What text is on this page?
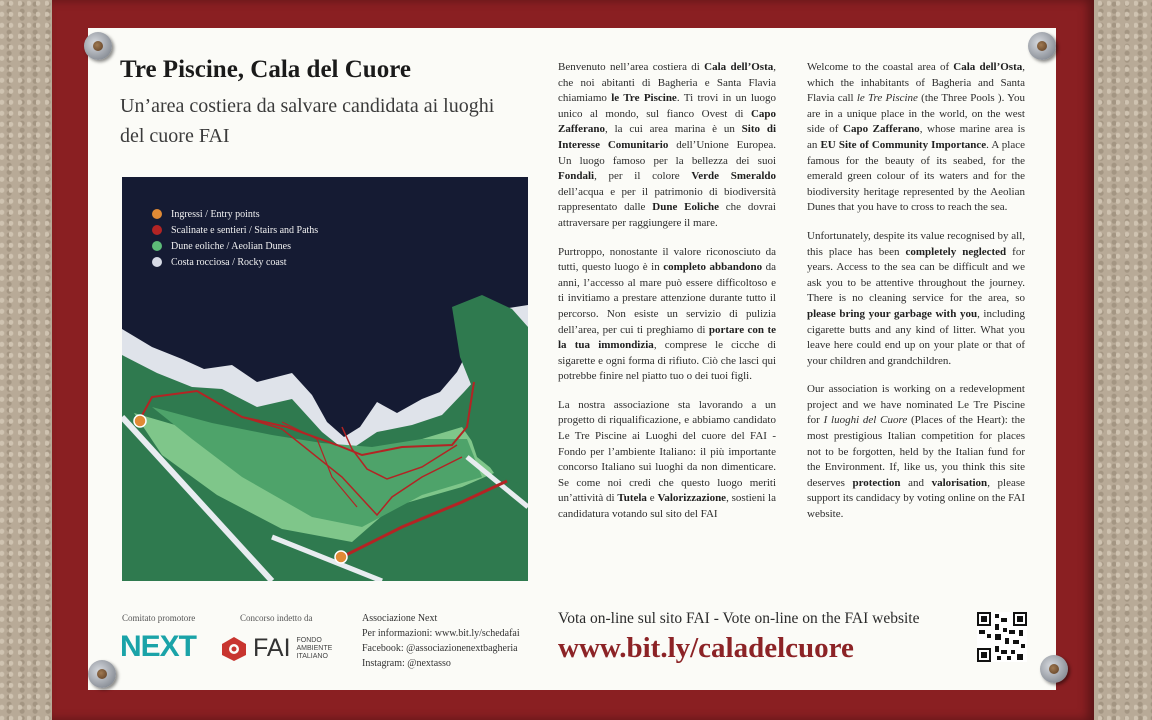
Tre Piscine, Cala del Cuore
Un’area costiera da salvare candidata ai luoghi del cuore FAI
Ingressi / Entry points
Scalinate e sentieri / Stairs and Paths
Dune eoliche / Aeolian Dunes
Costa rocciosa / Rocky coast

Benvenuto nell’area costiera di Cala dell’Osta, che noi abitanti di Bagheria e Santa Flavia chiamiamo le Tre Piscine. Ti trovi in un luogo unico al mondo, sul fianco Ovest di Capo Zafferano, la cui area marina è un Sito di Interesse Comunitario dell’Unione Europea. Un luogo famoso per la bellezza dei suoi Fondali, per il colore Verde Smeraldo dell’acqua e per il patrimonio di biodiversità rappresentato dalle Dune Eoliche che dovrai attraversare per raggiungere il mare.

Purtroppo, nonostante il valore riconosciuto da tutti, questo luogo è in completo abbandono da anni, l’accesso al mare può essere difficoltoso e ti invitiamo a prestare attenzione durante tutto il percorso. Non esiste un servizio di pulizia dell’area, per cui ti preghiamo di portare con te la tua immondizia, comprese le cicche di sigarette e ogni forma di rifiuto. Ciò che lasci qui potrebbe finire nel piatto tuo o dei tuoi figli.

La nostra associazione sta lavorando a un progetto di riqualificazione, e abbiamo candidato Le Tre Piscine ai Luoghi del cuore del FAI - Fondo per l’ambiente Italiano: il più importante concorso Italiano sui luoghi da non dimenticare. Se come noi credi che questo luogo meriti un’attività di Tutela e Valorizzazione, sostieni la candidatura votando sul sito del FAI

Welcome to the coastal area of Cala dell’Osta, which the inhabitants of Bagheria and Santa Flavia call le Tre Piscine (the Three Pools ). You are in a unique place in the world, on the west side of Capo Zafferano, whose marine area is an EU Site of Community Importance. A place famous for the beauty of its seabed, for the emerald green colour of its waters and for the biodiversity heritage represented by the Aeolian Dunes that you have to cross to reach the sea.

Unfortunately, despite its value recognised by all, this place has been completely neglected for years. Access to the sea can be difficult and we ask you to be attentive throughout the journey. There is no cleaning service for the area, so please bring your garbage with you, including cigarette butts and any kind of litter. What you leave here could end up on your plate or that of your children and grandchildren.

Our association is working on a redevelopment project and we have nominated Le Tre Piscine for I luoghi del Cuore (Places of the Heart): the most prestigious Italian competition for places not to be forgotten, held by the Italian fund for the Environment. If, like us, you think this site deserves protection and valorisation, please support its candidacy by voting online on the FAI website.

Comitato promotore	Concorso indetto da
NEXT FAI FONDO
AMBIENTE
ITALIANO
Associazione Next
Per informazioni: www.bit.ly/schedafai
Facebook: @associazionenextbagheria
Instagram: @nextasso
Vota on-line sul sito FAI - Vote on-line on the FAI website
www.bit.ly/caladelcuore
